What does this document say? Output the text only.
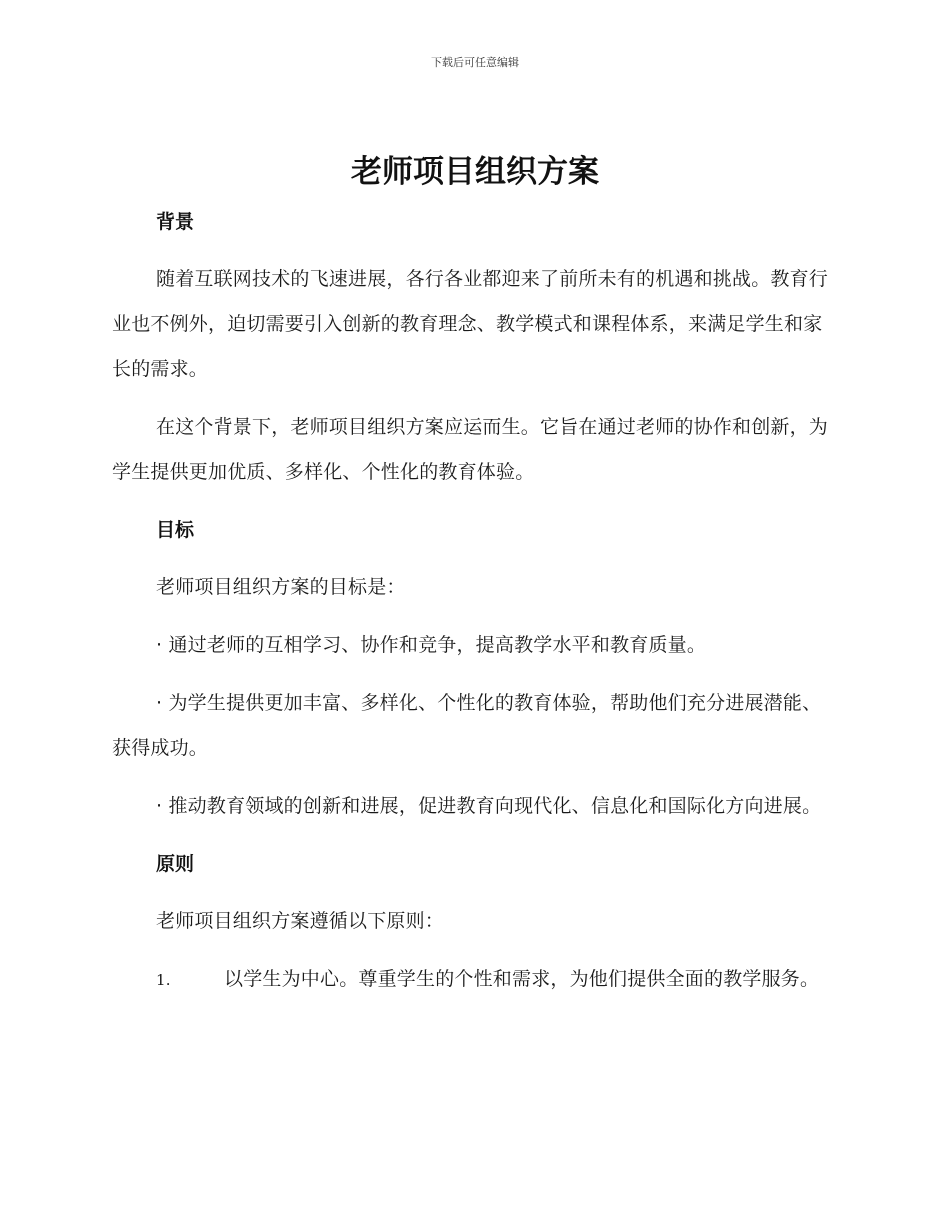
下载后可任意编辑
老师项目组织方案
背景

随着互联网技术的飞速进展，各行各业都迎来了前所未有的机遇和挑战。教育行业也不例外，迫切需要引入创新的教育理念、教学模式和课程体系，来满足学生和家长的需求。

在这个背景下，老师项目组织方案应运而生。它旨在通过老师的协作和创新，为学生提供更加优质、多样化、个性化的教育体验。

目标

老师项目组织方案的目标是：

· 通过老师的互相学习、协作和竞争，提高教学水平和教育质量。

· 为学生提供更加丰富、多样化、个性化的教育体验，帮助他们充分进展潜能、获得成功。

· 推动教育领域的创新和进展，促进教育向现代化、信息化和国际化方向进展。

原则

老师项目组织方案遵循以下原则：

1.	以学生为中心。尊重学生的个性和需求，为他们提供全面的教学服务。
